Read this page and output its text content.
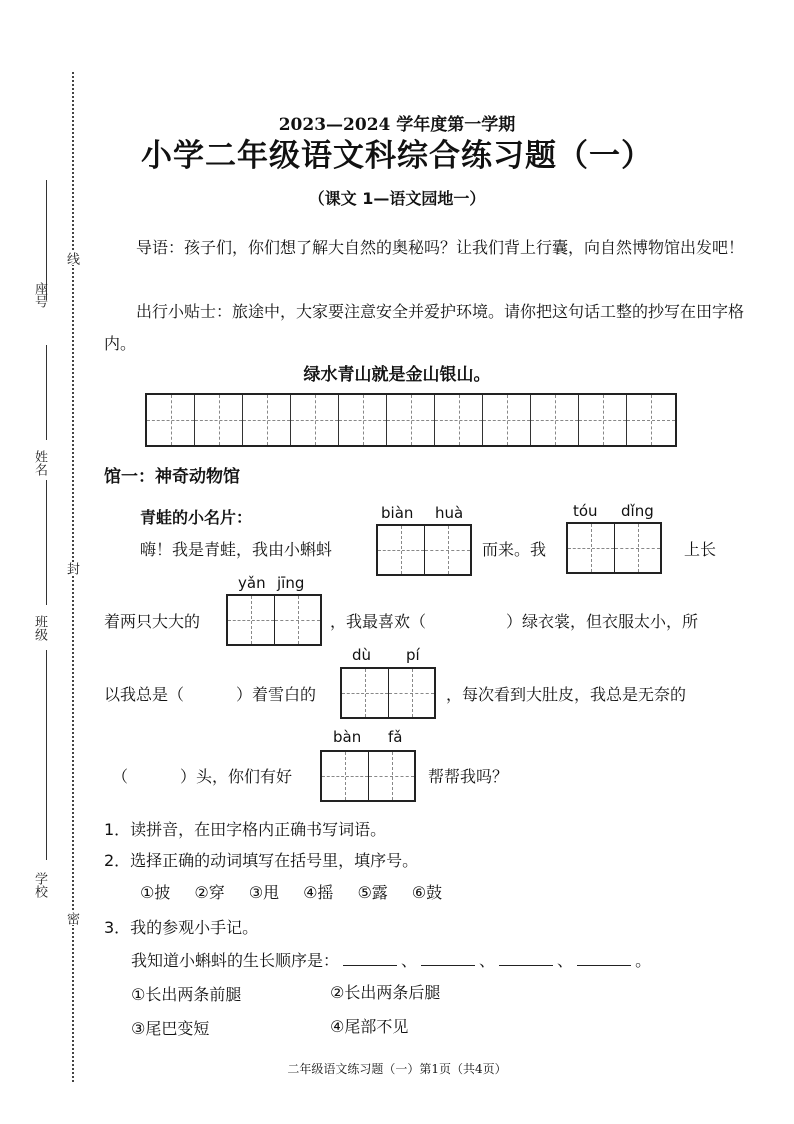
座号
姓名
班级
学校
线
封
密
2023—2024 学年度第一学期
小学二年级语文科综合练习题（一）
（课文 1—语文园地一）
导语：孩子们，你们想了解大自然的奥秘吗？让我们背上行囊，向自然博物馆出发吧！
出行小贴士：旅途中，大家要注意安全并爱护环境。请你把这句话工整的抄写在田字格内。
绿水青山就是金山银山。
馆一：神奇动物馆
青蛙的小名片：	biàn huà	tóu dǐng
嗨！我是青蛙，我由小蝌蚪	而来。我	上长
yǎn jīng
着两只大大的	，我最喜欢（	）绿衣裳，但衣服太小，所
dù pí
以我总是（	）着雪白的	，每次看到大肚皮，我总是无奈的
bàn fǎ
（	）头，你们有好	帮帮我吗？
1．读拼音，在田字格内正确书写词语。
2．选择正确的动词填写在括号里，填序号。
①披 ②穿 ③甩 ④摇 ⑤露 ⑥鼓
3．我的参观小手记。
我知道小蝌蚪的生长顺序是：	、	、	、	。
①长出两条前腿	②长出两条后腿
③尾巴变短	④尾部不见
二年级语文练习题（一）第1页（共4页）
